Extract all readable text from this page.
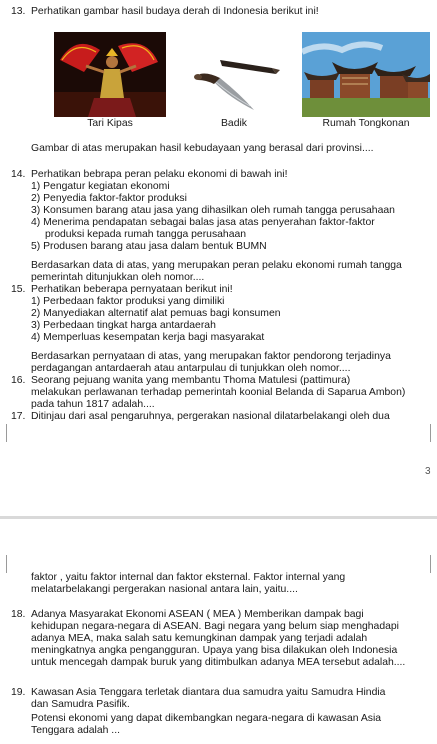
13. Perhatikan gambar hasil budaya derah di Indonesia berikut ini!
Tari Kipas	Badik	Rumah Tongkonan
Gambar di atas merupakan hasil kebudayaan yang berasal dari provinsi....
14. Perhatikan bebrapa peran pelaku ekonomi di bawah ini!
1) Pengatur kegiatan ekonomi
2) Penyedia faktor-faktor produksi
3) Konsumen barang atau jasa yang dihasilkan oleh rumah tangga perusahaan
4) Menerima pendapatan sebagai balas jasa atas penyerahan faktor-faktor
produksi kepada rumah tangga perusahaan
5) Produsen barang atau jasa dalam bentuk BUMN
Berdasarkan data di atas, yang merupakan peran pelaku ekonomi rumah tangga
pemerintah ditunjukkan oleh nomor....
15. Perhatikan beberapa pernyataan berikut ini!
1) Perbedaan faktor produksi yang dimiliki
2) Manyediakan alternatif alat pemuas bagi konsumen
3) Perbedaan tingkat harga antardaerah
4) Memperluas kesempatan kerja bagi masyarakat
Berdasarkan pernyataan di atas, yang merupakan faktor pendorong terjadinya
perdagangan antardaerah atau antarpulau di tunjukkan oleh nomor....
16. Seorang pejuang wanita yang membantu Thoma Matulesi (pattimura)
melakukan perlawanan terhadap pemerintah koonial Belanda di Saparua Ambon)
pada tahun 1817 adalah....
17. Ditinjau dari asal pengaruhnya, pergerakan nasional dilatarbelakangi oleh dua
3
faktor , yaitu faktor internal dan faktor eksternal. Faktor internal yang
melatarbelakangi pergerakan nasional antara lain, yaitu....
18. Adanya Masyarakat Ekonomi ASEAN ( MEA ) Memberikan dampak bagi
kehidupan negara-negara di ASEAN. Bagi negara yang belum siap menghadapi
adanya MEA, maka salah satu kemungkinan dampak yang terjadi adalah
meningkatnya angka pengangguran. Upaya yang bisa dilakukan oleh Indonesia
untuk mencegah dampak buruk yang ditimbulkan adanya MEA tersebut adalah....
19. Kawasan Asia Tenggara terletak diantara dua samudra yaitu Samudra Hindia
dan Samudra Pasifik.
Potensi ekonomi yang dapat dikembangkan negara-negara di kawasan Asia
Tenggara adalah ...
